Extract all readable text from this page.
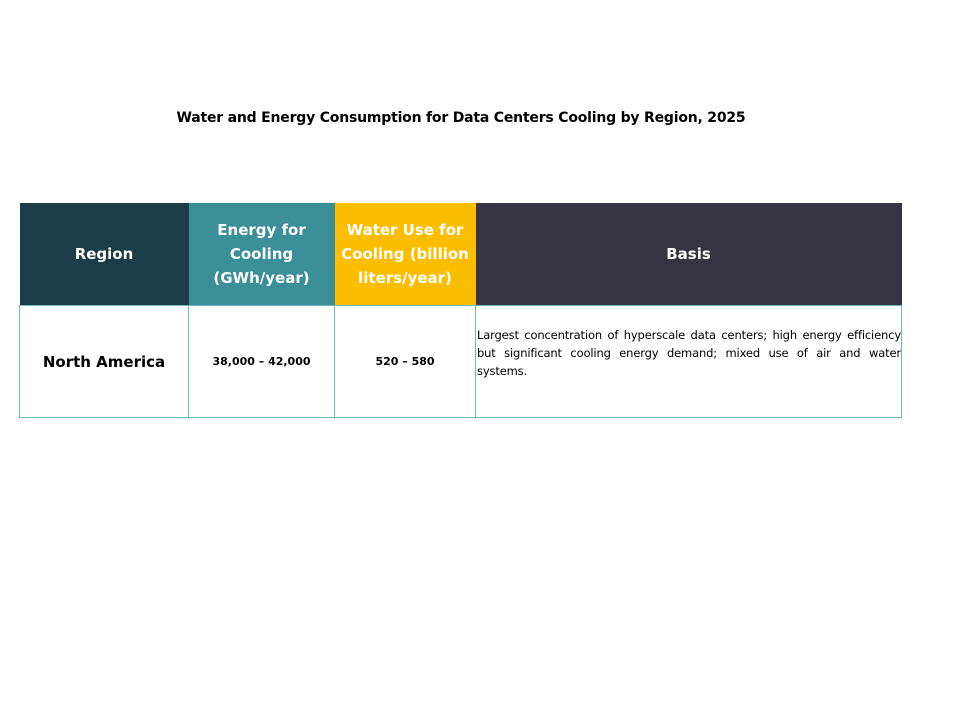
Water and Energy Consumption for Data Centers Cooling by Region, 2025
Region	Energy for Cooling (GWh/year)	Water Use for Cooling (billion liters/year)	Basis
North America	38,000 – 42,000	520 – 580	Largest concentration of hyperscale data centers; high energy efficiency but significant cooling energy demand; mixed use of air and water systems.
